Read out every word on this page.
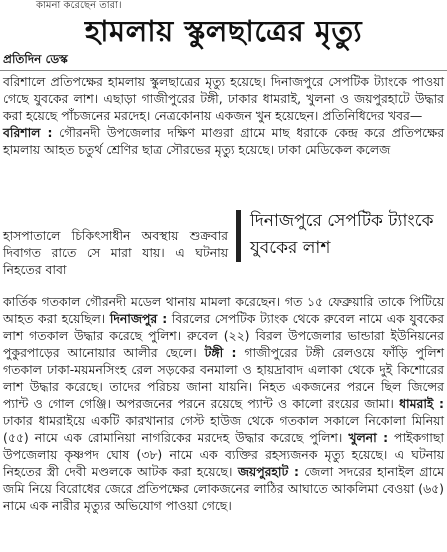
কামনা করেছেন তারা।
হামলায় স্কুলছাত্রের মৃত্যু
প্রতিদিন ডেস্ক

বরিশালে প্রতিপক্ষের হামলায় স্কুলছাত্রের মৃত্যু হয়েছে। দিনাজপুরে সেপটিক ট্যাংকে পাওয়া গেছে যুবকের লাশ। এছাড়া গাজীপুরের টঙ্গী, ঢাকার ধামরাই, খুলনা ও জয়পুরহাটে উদ্ধার করা হয়েছে পাঁচজনের মরদেহ। নেত্রকোনায় একজন খুন হয়েছেন। প্রতিনিধিদের খবর—
বরিশাল : গৌরনদী উপজেলার দক্ষিণ মাগুরা গ্রামে মাছ ধরাকে কেন্দ্র করে প্রতিপক্ষের হামলায় আহত চতুর্থ শ্রেণির ছাত্র সৌরভের মৃত্যু হয়েছে। ঢাকা মেডিকেল কলেজ

হাসপাতালে চিকিৎসাধীন অবস্থায় শুক্রবার দিবাগত রাতে সে মারা যায়। এ ঘটনায় নিহতের বাবা

দিনাজপুরে সেপটিক ট্যাংকে যুবকের লাশ

কার্তিক গতকাল গৌরনদী মডেল থানায় মামলা করেছেন। গত ১৫ ফেব্রুয়ারি তাকে পিটিয়ে আহত করা হয়েছিল। দিনাজপুর : বিরলের সেপটিক ট্যাংক থেকে রুবেল নামে এক যুবকের লাশ গতকাল উদ্ধার করেছে পুলিশ। রুবেল (২২) বিরল উপজেলার ভান্ডারা ইউনিয়নের পুকুরপাড়ের আনোয়ার আলীর ছেলে। টঙ্গী : গাজীপুরের টঙ্গী রেলওয়ে ফাঁড়ি পুলিশ গতকাল ঢাকা-ময়মনসিংহ রেল সড়কের বনমালা ও হায়দ্রাবাদ এলাকা থেকে দুই কিশোরের লাশ উদ্ধার করেছে। তাদের পরিচয় জানা যায়নি। নিহত একজনের পরনে ছিল জিন্সের প্যান্ট ও গোল গেঞ্জি। অপরজনের পরনে রয়েছে প্যান্ট ও কালো রংয়ের জামা। ধামরাই : ঢাকার ধামরাইয়ে একটি কারখানার গেস্ট হাউজ থেকে গতকাল সকালে নিকোলা মিনিয়া (৫৫) নামে এক রোমানিয়া নাগরিকের মরদেহ উদ্ধার করেছে পুলিশ। খুলনা : পাইকগাছা উপজেলায় কৃষ্ণপদ ঘোষ (৩৮) নামে এক ব্যক্তির রহস্যজনক মৃত্যু হয়েছে। এ ঘটনায় নিহতের স্ত্রী দেবী মণ্ডলকে আটক করা হয়েছে। জয়পুরহাট : জেলা সদরের হানাইল গ্রামে জমি নিয়ে বিরোধের জেরে প্রতিপক্ষের লোকজনের লাঠির আঘাতে আকলিমা বেওয়া (৬৫) নামে এক নারীর মৃত্যুর অভিযোগ পাওয়া গেছে।
